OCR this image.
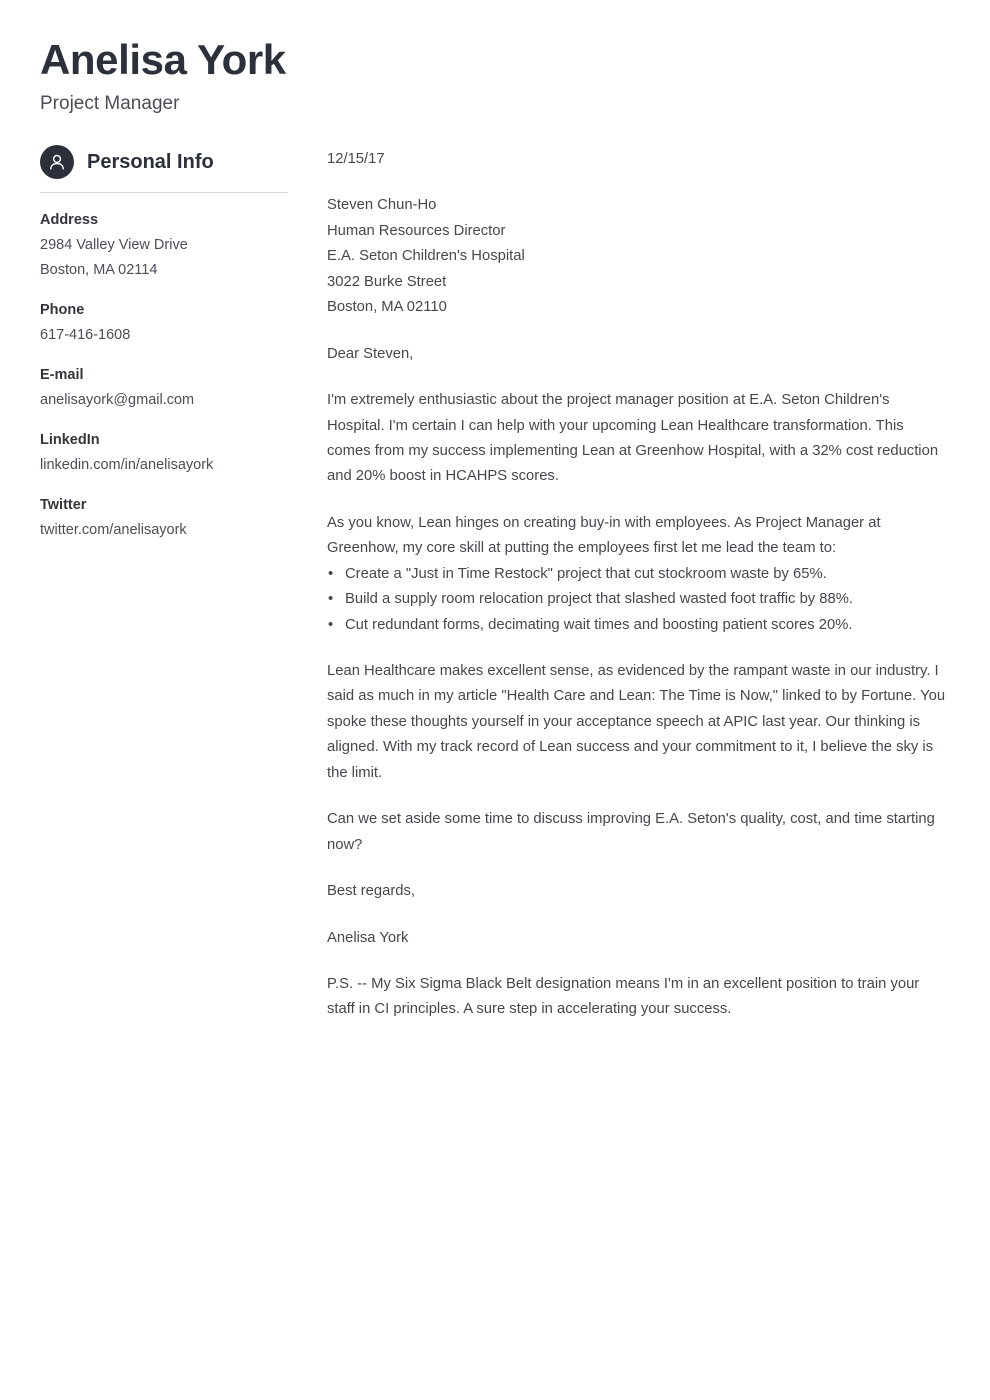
Anelisa York

Project Manager

Personal Info
Address
2984 Valley View Drive
Boston, MA 02114
Phone
617-416-1608
E-mail
anelisayork@gmail.com
LinkedIn
linkedin.com/in/anelisayork
Twitter
twitter.com/anelisayork
12/15/17
Steven Chun-Ho
Human Resources Director
E.A. Seton Children's Hospital
3022 Burke Street
Boston, MA 02110
Dear Steven,

I'm extremely enthusiastic about the project manager position at E.A. Seton Children's Hospital. I'm certain I can help with your upcoming Lean Healthcare transformation. This comes from my success implementing Lean at Greenhow Hospital, with a 32% cost reduction and 20% boost in HCAHPS scores.

As you know, Lean hinges on creating buy-in with employees. As Project Manager at Greenhow, my core skill at putting the employees first let me lead the team to:

• Create a "Just in Time Restock" project that cut stockroom waste by 65%.
• Build a supply room relocation project that slashed wasted foot traffic by 88%.
• Cut redundant forms, decimating wait times and boosting patient scores 20%.

Lean Healthcare makes excellent sense, as evidenced by the rampant waste in our industry. I said as much in my article "Health Care and Lean: The Time is Now," linked to by Fortune. You spoke these thoughts yourself in your acceptance speech at APIC last year. Our thinking is aligned. With my track record of Lean success and your commitment to it, I believe the sky is the limit.

Can we set aside some time to discuss improving E.A. Seton's quality, cost, and time starting now?

Best regards,

Anelisa York

P.S. -- My Six Sigma Black Belt designation means I'm in an excellent position to train your staff in CI principles. A sure step in accelerating your success.
